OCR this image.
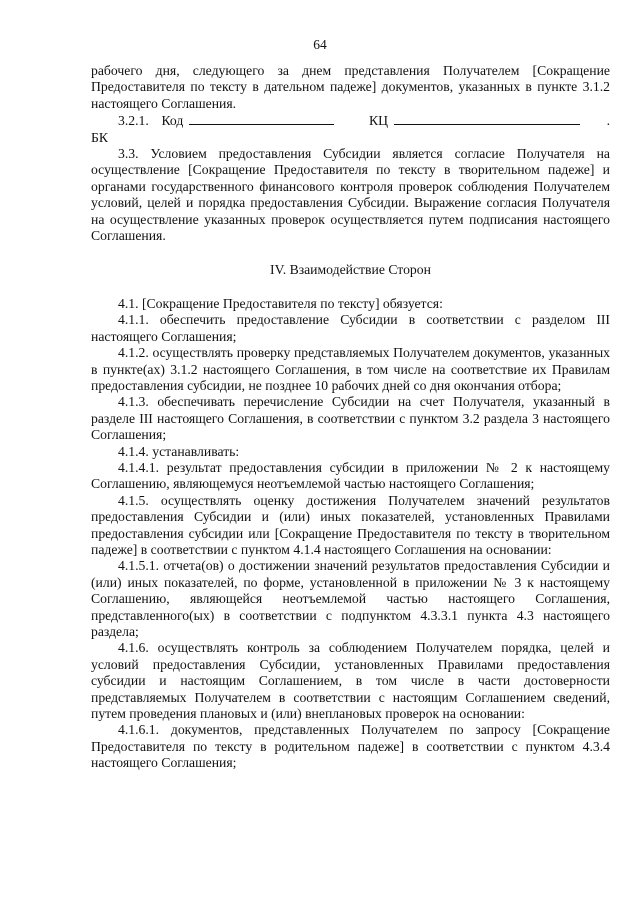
64

рабочего дня, следующего за днем представления Получателем [Сокращение Предоставителя по тексту в дательном падеже] документов, указанных в пункте 3.1.2 настоящего Соглашения.

3.2.1. Код БК
КЦ	.

3.3. Условием предоставления Субсидии является согласие Получателя на осуществление [Сокращение Предоставителя по тексту в творительном падеже] и органами государственного финансового контроля проверок соблюдения Получателем условий, целей и порядка предоставления Субсидии. Выражение согласия Получателя на осуществление указанных проверок осуществляется путем подписания настоящего Соглашения.

IV. Взаимодействие Сторон

4.1. [Сокращение Предоставителя по тексту] обязуется:

4.1.1. обеспечить предоставление Субсидии в соответствии с разделом III настоящего Соглашения;

4.1.2. осуществлять проверку представляемых Получателем документов, указанных в пункте(ах) 3.1.2 настоящего Соглашения, в том числе на соответствие их Правилам предоставления субсидии, не позднее 10 рабочих дней со дня окончания отбора;

4.1.3. обеспечивать перечисление Субсидии на счет Получателя, указанный в разделе III настоящего Соглашения, в соответствии с пунктом 3.2 раздела 3 настоящего Соглашения;

4.1.4. устанавливать:

4.1.4.1. результат предоставления субсидии в приложении № 2 к настоящему Соглашению, являющемуся неотъемлемой частью настоящего Соглашения;

4.1.5. осуществлять оценку достижения Получателем значений результатов предоставления Субсидии и (или) иных показателей, установленных Правилами предоставления субсидии или [Сокращение Предоставителя по тексту в творительном падеже] в соответствии с пунктом 4.1.4 настоящего Соглашения на основании:

4.1.5.1. отчета(ов) о достижении значений результатов предоставления Субсидии и (или) иных показателей, по форме, установленной в приложении № 3 к настоящему Соглашению, являющейся неотъемлемой частью настоящего Соглашения, представленного(ых) в соответствии с подпунктом 4.3.3.1 пункта 4.3 настоящего раздела;

4.1.6. осуществлять контроль за соблюдением Получателем порядка, целей и условий предоставления Субсидии, установленных Правилами предоставления субсидии и настоящим Соглашением, в том числе в части достоверности представляемых Получателем в соответствии с настоящим Соглашением сведений, путем проведения плановых и (или) внеплановых проверок на основании:

4.1.6.1. документов, представленных Получателем по запросу [Сокращение Предоставителя по тексту в родительном падеже] в соответствии с пунктом 4.3.4 настоящего Соглашения;
